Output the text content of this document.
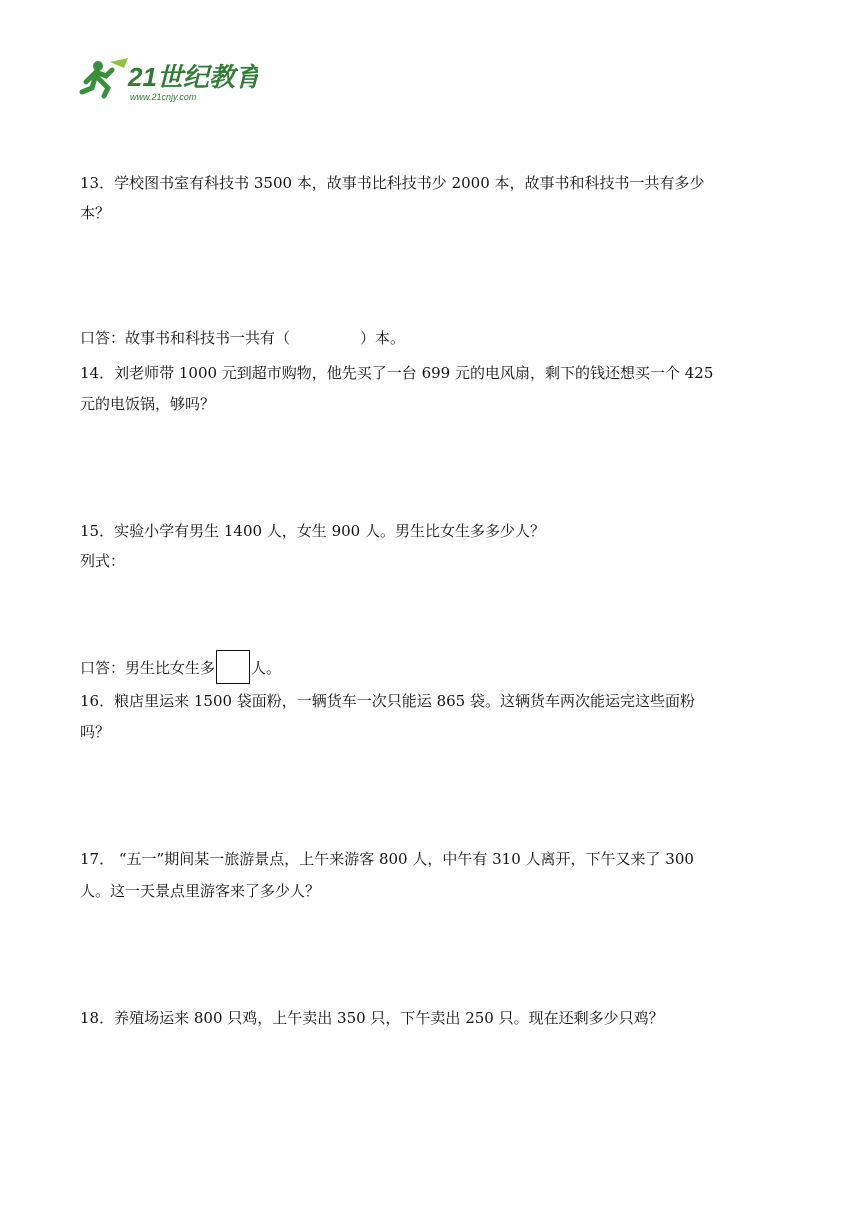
21世纪教育
www.21cnjy.com
13．学校图书室有科技书 3500 本，故事书比科技书少 2000 本，故事书和科技书一共有多少
本？
口答：故事书和科技书一共有（	）本。
14．刘老师带 1000 元到超市购物，他先买了一台 699 元的电风扇，剩下的钱还想买一个 425
元的电饭锅，够吗？
15．实验小学有男生 1400 人，女生 900 人。男生比女生多多少人？
列式：
口答：男生比女生多 人。
16．粮店里运来 1500 袋面粉，一辆货车一次只能运 865 袋。这辆货车两次能运完这些面粉
吗？
17． “五一”期间某一旅游景点，上午来游客 800 人，中午有 310 人离开，下午又来了 300
人。这一天景点里游客来了多少人？
18．养殖场运来 800 只鸡，上午卖出 350 只，下午卖出 250 只。现在还剩多少只鸡？
